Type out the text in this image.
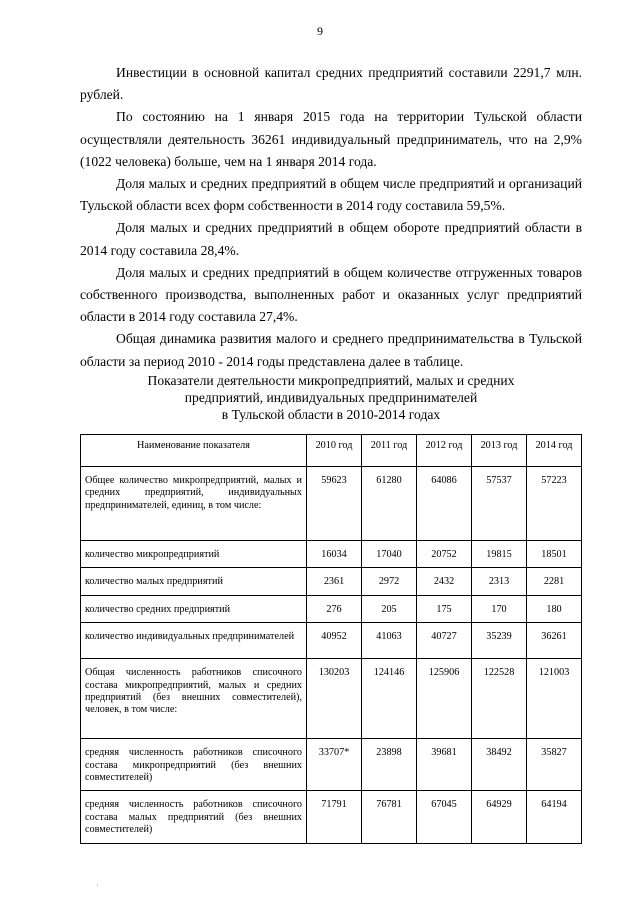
9

Инвестиции в основной капитал средних предприятий составили 2291,7 млн. рублей.

По состоянию на 1 января 2015 года на территории Тульской области осуществляли деятельность 36261 индивидуальный предприниматель, что на 2,9% (1022 человека) больше, чем на 1 января 2014 года.

Доля малых и средних предприятий в общем числе предприятий и организаций Тульской области всех форм собственности в 2014 году составила 59,5%.

Доля малых и средних предприятий в общем обороте предприятий области в 2014 году составила 28,4%.

Доля малых и средних предприятий в общем количестве отгруженных товаров собственного производства, выполненных работ и оказанных услуг предприятий области в 2014 году составила 27,4%.

Общая динамика развития малого и среднего предпринимательства в Тульской области за период 2010 - 2014 годы представлена далее в таблице.

Показатели деятельности микропредприятий, малых и средних
предприятий, индивидуальных предпринимателей
в Тульской области в 2010-2014 годах
Наименование показателя	2010 год	2011 год	2012 год	2013 год	2014 год
Общее количество микропредприятий, малых и средних предприятий, индивидуальных предпринимателей, единиц, в том числе:	59623	61280	64086	57537	57223
количество микропредприятий	16034	17040	20752	19815	18501
количество малых предприятий	2361	2972	2432	2313	2281
количество средних предприятий	276	205	175	170	180
количество индивидуальных предпринимателей	40952	41063	40727	35239	36261
Общая численность работников списочного состава микропредприятий, малых и средних предприятий (без внешних совместителей), человек, в том числе:	130203	124146	125906	122528	121003
средняя численность работников списочного состава микропредприятий (без внешних совместителей)	33707*	23898	39681	38492	35827
средняя численность работников списочного состава малых предприятий (без внешних совместителей)	71791	76781	67045	64929	64194
·
